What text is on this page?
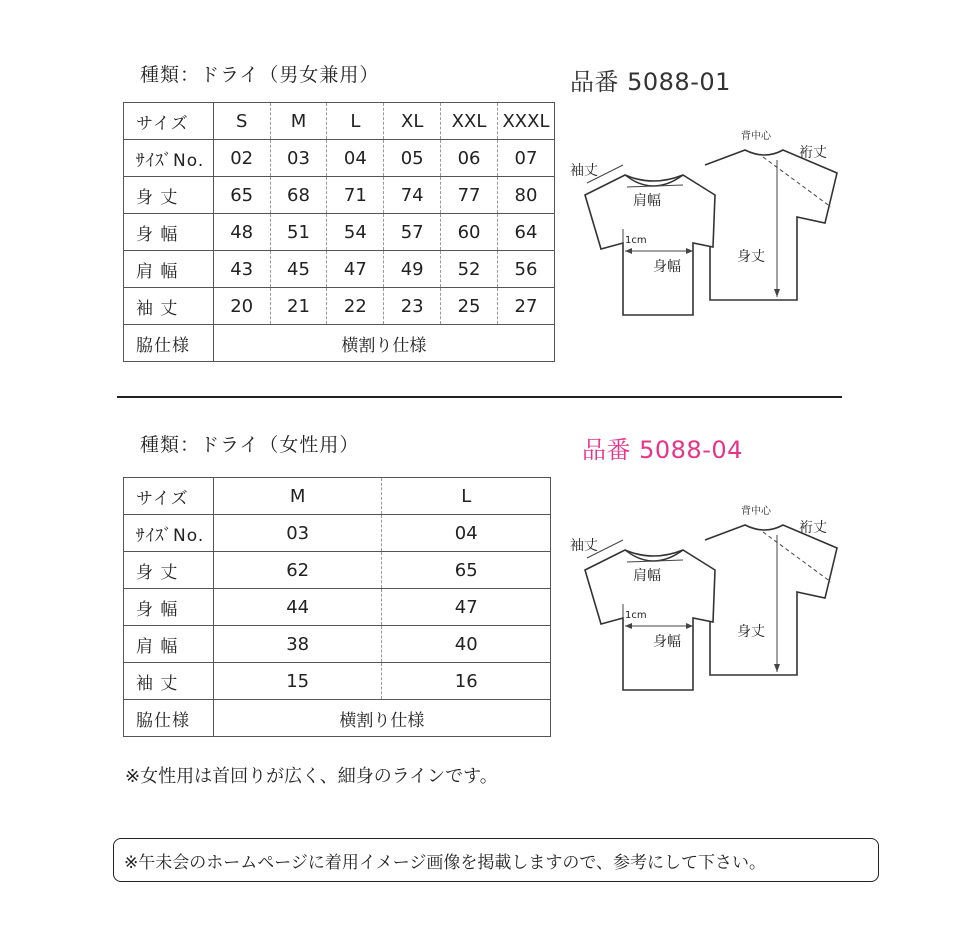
種類：ドライ（男女兼用）	品番 5088-01
サイズ	S	M	L	XL	XXL	XXXL
ｻｲｽﾞNo.	02	03	04	05	06	07
身 丈	65	68	71	74	77	80
身 幅	48	51	54	57	60	64
肩 幅	43	45	47	49	52	56
袖 丈	20	21	22	23	25	27
脇仕様	横割り仕様					
袖丈
肩幅
1cm
身幅
背中心
裄丈
身丈
種類：ドライ（女性用）	品番 5088-04
サイズ	M	L
ｻｲｽﾞNo.	03	04
身 丈	62	65
身 幅	44	47
肩 幅	38	40
袖 丈	15	16
脇仕様	横割り仕様	
袖丈
肩幅
1cm
身幅
背中心
裄丈
身丈
※女性用は首回りが広く、細身のラインです。
※午未会のホームページに着用イメージ画像を掲載しますので、参考にして下さい。
